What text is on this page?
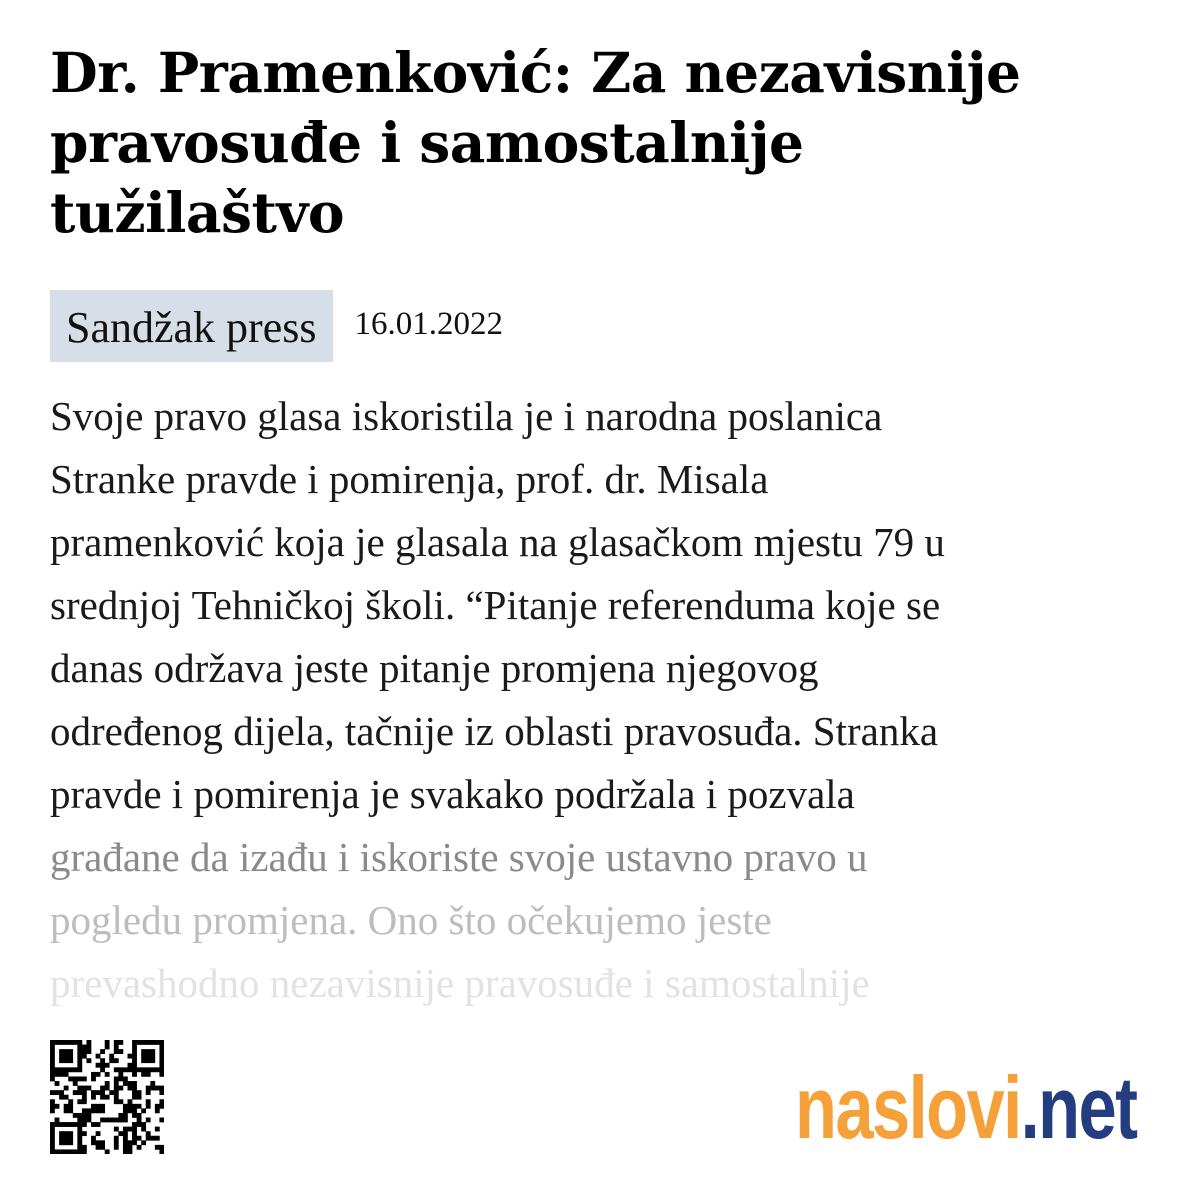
Dr. Pramenković: Za nezavisnije
pravosuđe i samostalnije
tužilaštvo
Sandžak press	16.01.2022
Svoje pravo glasa iskoristila je i narodna poslanica
Stranke pravde i pomirenja, prof. dr. Misala
pramenković koja je glasala na glasačkom mjestu 79 u
srednjoj Tehničkoj školi. “Pitanje referenduma koje se
danas održava jeste pitanje promjena njegovog
određenog dijela, tačnije iz oblasti pravosuđa. Stranka
pravde i pomirenja je svakako podržala i pozvala
građane da izađu i iskoriste svoje ustavno pravo u
pogledu promjena. Ono što očekujemo jeste
prevashodno nezavisnije pravosuđe i samostalnije
naslovi.net
